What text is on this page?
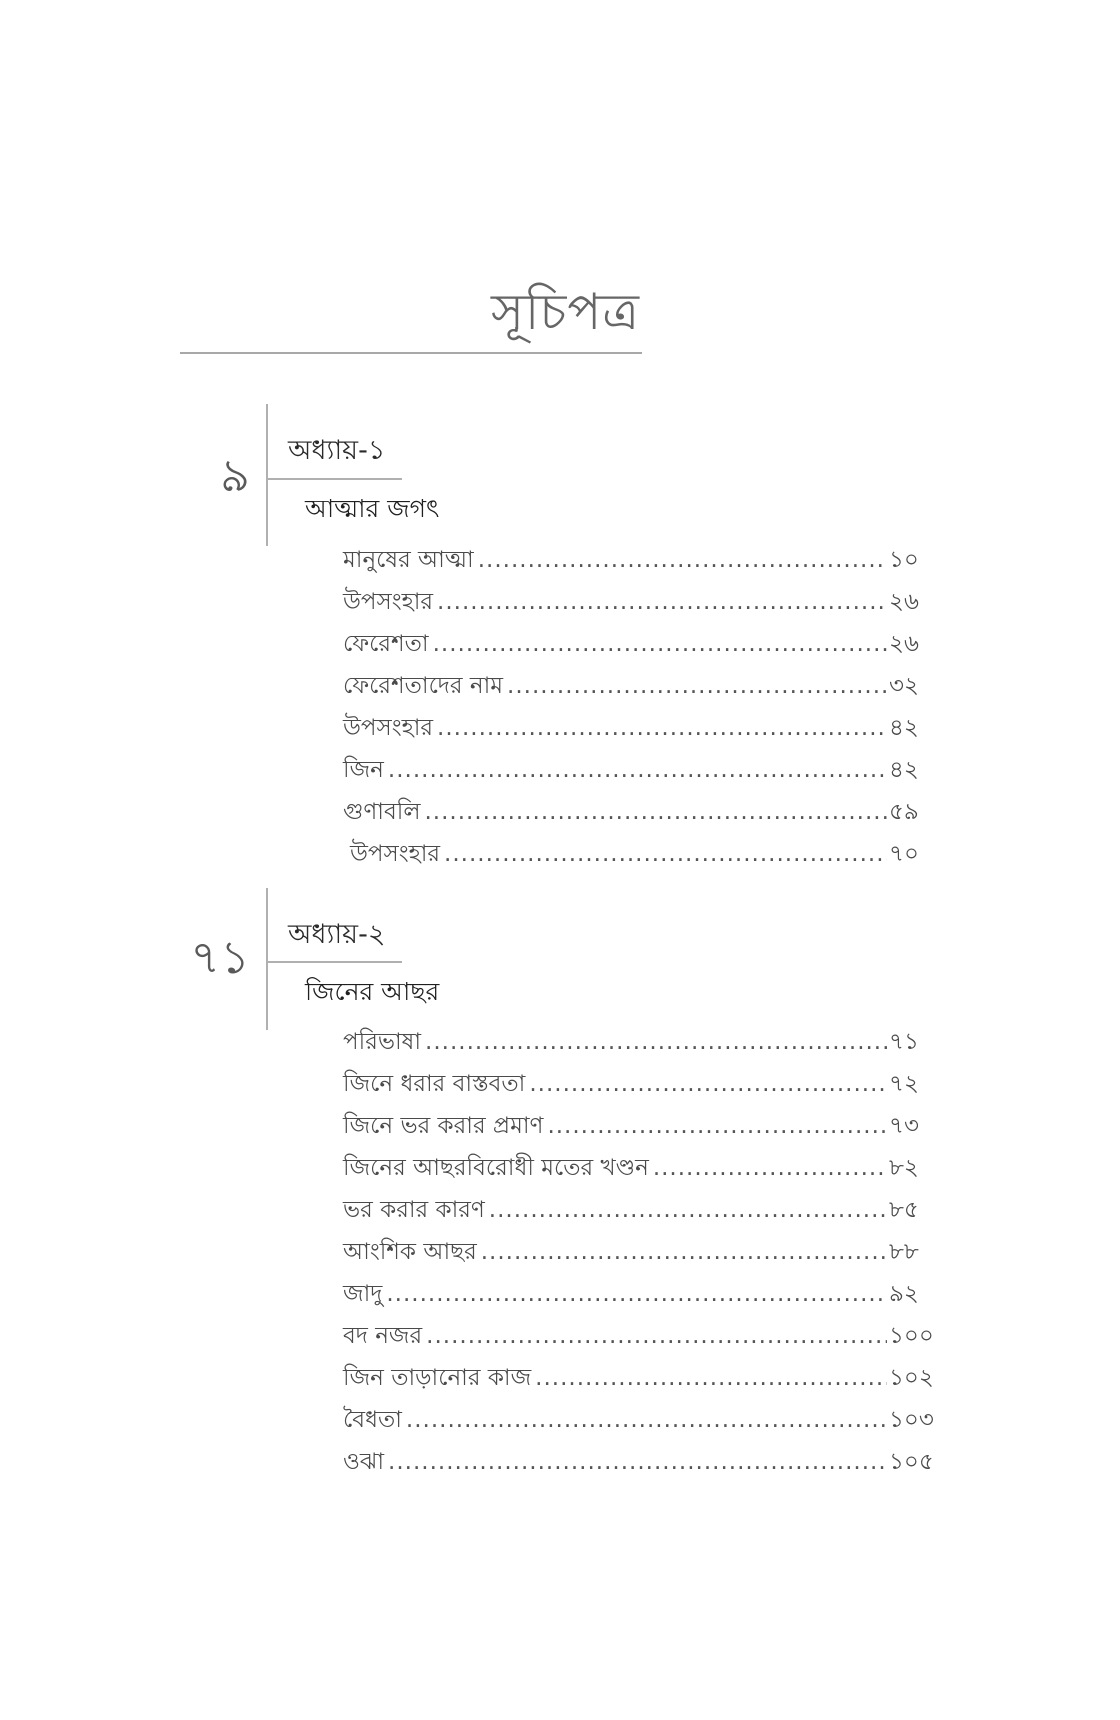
সূচিপত্র
৯ অধ্যায়-১
আত্মার জগৎ
মানুষের আত্মা .....	১০
উপসংহার .....	২৬
ফেরেশতা .....	২৬
ফেরেশতাদের নাম .....	৩২
উপসংহার .....	৪২
জিন .....	৪২
গুণাবলি .....	৫৯
উপসংহার .....	৭০
৭১ অধ্যায়-২
জিনের আছর
পরিভাষা .....	৭১
জিনে ধরার বাস্তবতা .....	৭২
জিনে ভর করার প্রমাণ .....	৭৩
জিনের আছরবিরোধী মতের খণ্ডন .....	৮২
ভর করার কারণ .....	৮৫
আংশিক আছর .....	৮৮
জাদু .....	৯২
বদ নজর .....	১০০
জিন তাড়ানোর কাজ .....	১০২
বৈধতা .....	১০৩
ওঝা .....	১০৫
